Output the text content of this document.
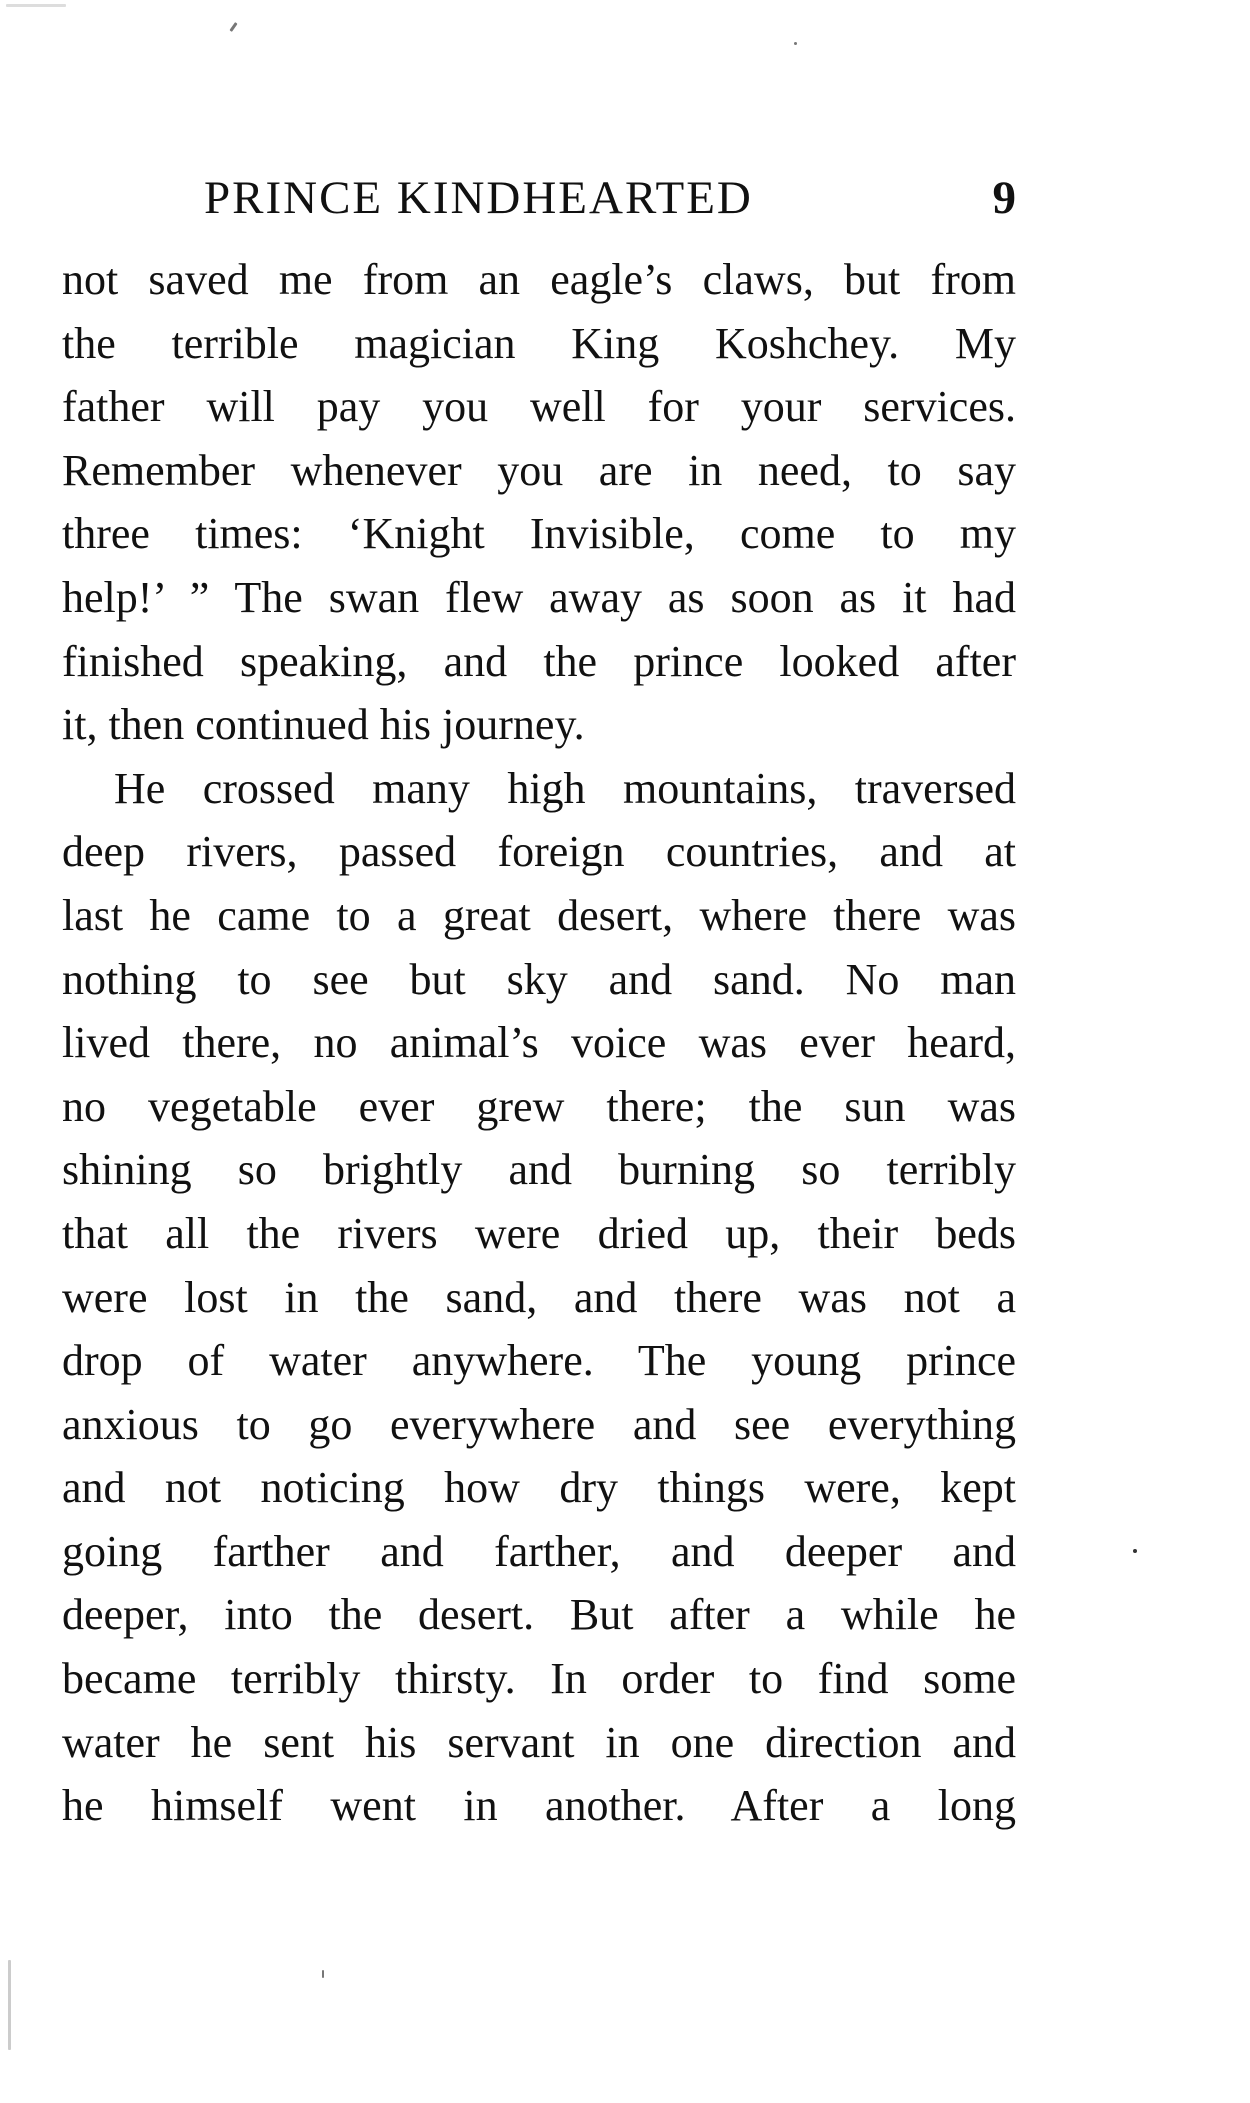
PRINCE KINDHEARTED	9
not saved me from an eagle’s claws, but from
the terrible magician King Koshchey. My
father will pay you well for your services.
Remember whenever you are in need, to say
three times: ‘Knight Invisible, come to my
help!’ ” The swan flew away as soon as it had
finished speaking, and the prince looked after
it, then continued his journey.
He crossed many high mountains, traversed
deep rivers, passed foreign countries, and at
last he came to a great desert, where there was
nothing to see but sky and sand. No man
lived there, no animal’s voice was ever heard,
no vegetable ever grew there; the sun was
shining so brightly and burning so terribly
that all the rivers were dried up, their beds
were lost in the sand, and there was not a
drop of water anywhere. The young prince
anxious to go everywhere and see everything
and not noticing how dry things were, kept
going farther and farther, and deeper and
deeper, into the desert. But after a while he
became terribly thirsty. In order to find some
water he sent his servant in one direction and
he himself went in another. After a long
